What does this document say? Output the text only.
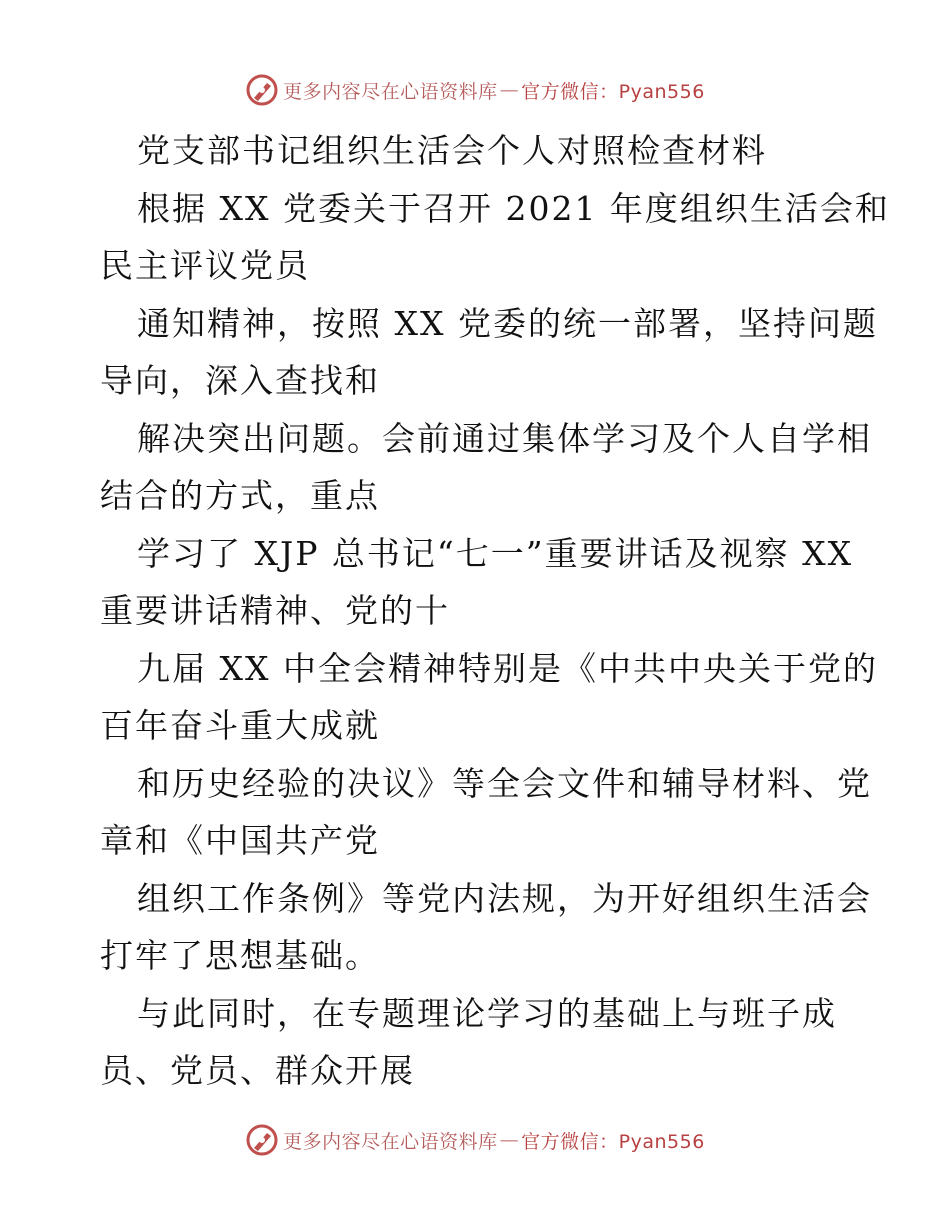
更多内容尽在心语资料库 — 官方微信：Pyan556
党支部书记组织生活会个人对照检查材料
根据 XX 党委关于召开 2021 年度组织生活会和
民主评议党员
通知精神，按照 XX 党委的统一部署，坚持问题
导向，深入查找和
解决突出问题。会前通过集体学习及个人自学相
结合的方式，重点
学习了 XJP 总书记“七一”重要讲话及视察 XX
重要讲话精神、党的十
九届 XX 中全会精神特别是《中共中央关于党的
百年奋斗重大成就
和历史经验的决议》等全会文件和辅导材料、党
章和《中国共产党
组织工作条例》等党内法规，为开好组织生活会
打牢了思想基础。
与此同时，在专题理论学习的基础上与班子成
员、党员、群众开展
更多内容尽在心语资料库 — 官方微信：Pyan556
